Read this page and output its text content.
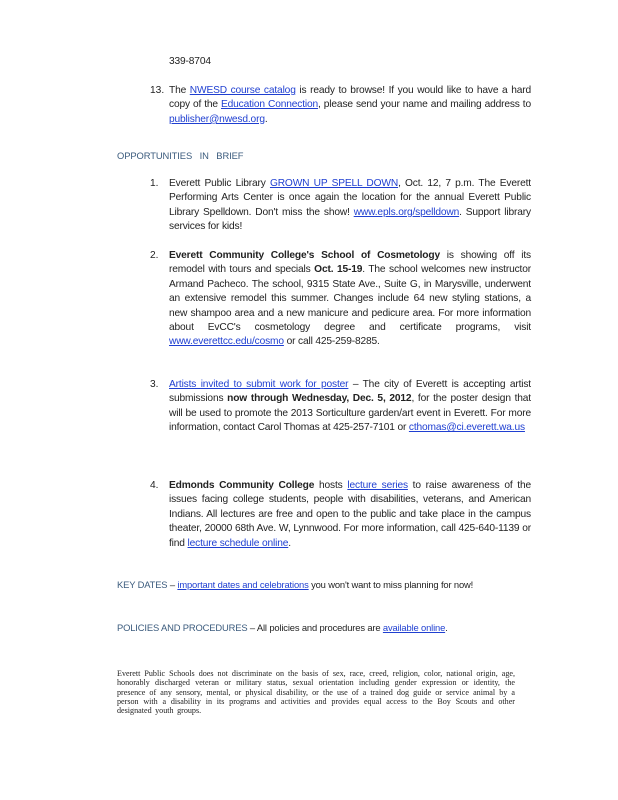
339-8704
13. The NWESD course catalog is ready to browse! If you would like to have a hard copy of the Education Connection, please send your name and mailing address to publisher@nwesd.org.
OPPORTUNITIES IN BRIEF
1. Everett Public Library GROWN UP SPELL DOWN, Oct. 12, 7 p.m. The Everett Performing Arts Center is once again the location for the annual Everett Public Library Spelldown. Don't miss the show! www.epls.org/spelldown. Support library services for kids!
2. Everett Community College's School of Cosmetology is showing off its remodel with tours and specials Oct. 15-19. The school welcomes new instructor Armand Pacheco. The school, 9315 State Ave., Suite G, in Marysville, underwent an extensive remodel this summer. Changes include 64 new styling stations, a new shampoo area and a new manicure and pedicure area. For more information about EvCC's cosmetology degree and certificate programs, visit www.everettcc.edu/cosmo or call 425-259-8285.
3. Artists invited to submit work for poster – The city of Everett is accepting artist submissions now through Wednesday, Dec. 5, 2012, for the poster design that will be used to promote the 2013 Sorticulture garden/art event in Everett. For more information, contact Carol Thomas at 425-257-7101 or cthomas@ci.everett.wa.us
4. Edmonds Community College hosts lecture series to raise awareness of the issues facing college students, people with disabilities, veterans, and American Indians. All lectures are free and open to the public and take place in the campus theater, 20000 68th Ave. W, Lynnwood. For more information, call 425-640-1139 or find lecture schedule online.
KEY DATES – important dates and celebrations you won't want to miss planning for now!
POLICIES AND PROCEDURES – All policies and procedures are available online.
Everett Public Schools does not discriminate on the basis of sex, race, creed, religion, color, national origin, age, honorably discharged veteran or military status, sexual orientation including gender expression or identity, the presence of any sensory, mental, or physical disability, or the use of a trained dog guide or service animal by a person with a disability in its programs and activities and provides equal access to the Boy Scouts and other designated youth groups.
